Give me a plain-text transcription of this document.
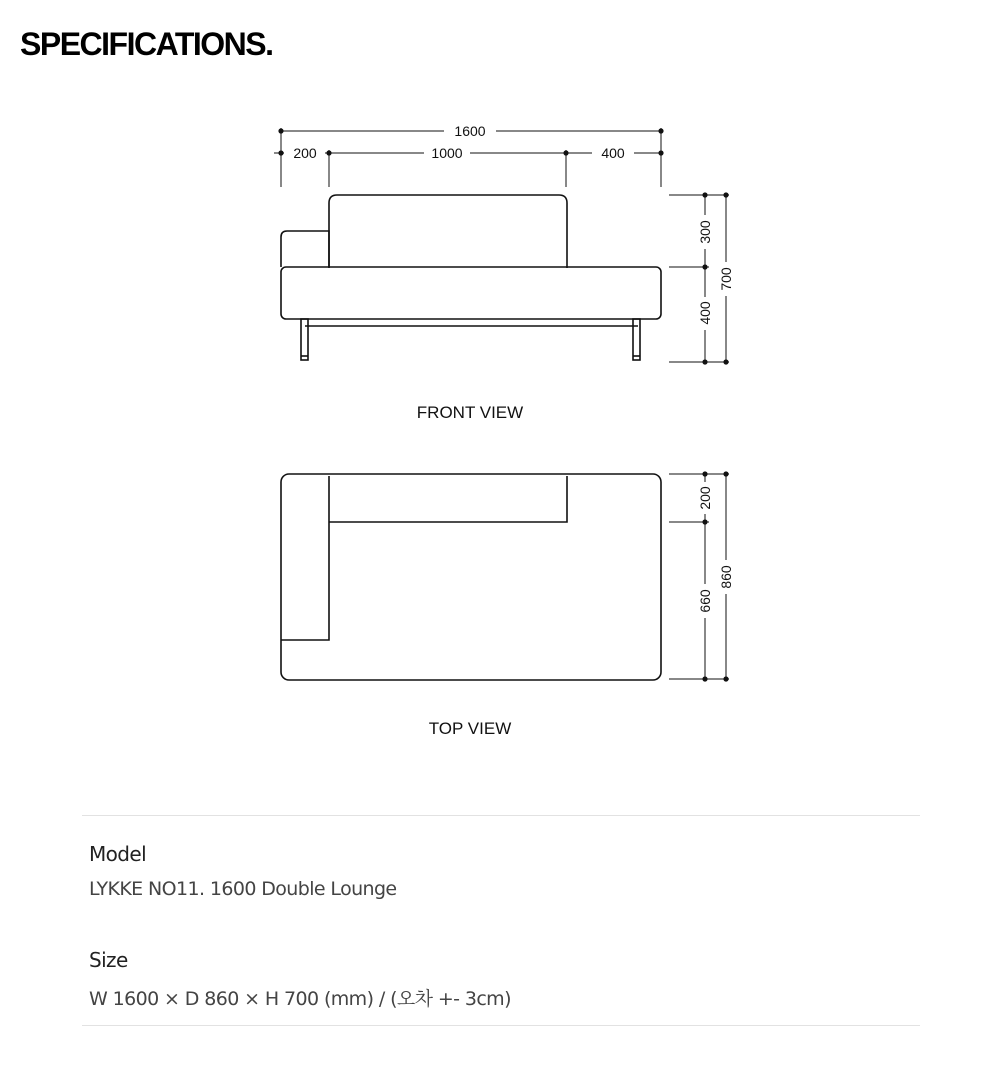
SPECIFICATIONS.
1600
200	1000	400
300
400
700
FRONT VIEW
200
660
860
TOP VIEW
Model
LYKKE NO11. 1600 Double Lounge
Size
W 1600 × D 860 × H 700 (mm) / (오차 +- 3cm)
